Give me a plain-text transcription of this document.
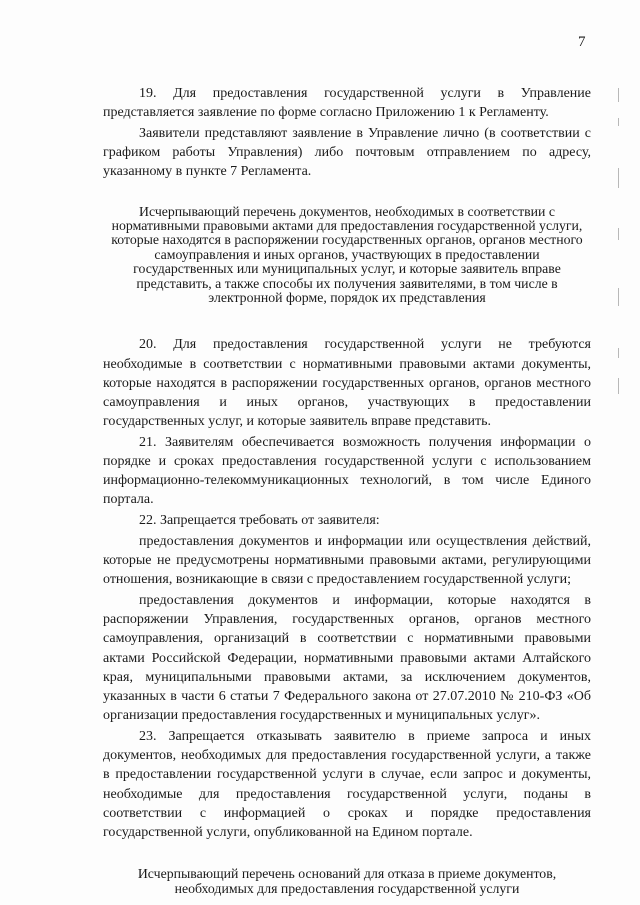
7

19. Для предоставления государственной услуги в Управление представляется заявление по форме согласно Приложению 1 к Регламенту.

Заявители представляют заявление в Управление лично (в соответствии с графиком работы Управления) либо почтовым отправлением по адресу, указанному в пункте 7 Регламента.

Исчерпывающий перечень документов, необходимых в соответствии с нормативными правовыми актами для предоставления государственной услуги, которые находятся в распоряжении государственных органов, органов местного самоуправления и иных органов, участвующих в предоставлении государственных или муниципальных услуг, и которые заявитель вправе представить, а также способы их получения заявителями, в том числе в электронной форме, порядок их представления

20. Для предоставления государственной услуги не требуются необходимые в соответствии с нормативными правовыми актами документы, которые находятся в распоряжении государственных органов, органов местного самоуправления и иных органов, участвующих в предоставлении государственных услуг, и которые заявитель вправе представить.

21. Заявителям обеспечивается возможность получения информации о порядке и сроках предоставления государственной услуги с использованием информационно-телекоммуникационных технологий, в том числе Единого портала.

22. Запрещается требовать от заявителя:

предоставления документов и информации или осуществления действий, которые не предусмотрены нормативными правовыми актами, регулирующими отношения, возникающие в связи с предоставлением государственной услуги;

предоставления документов и информации, которые находятся в распоряжении Управления, государственных органов, органов местного самоуправления, организаций в соответствии с нормативными правовыми актами Российской Федерации, нормативными правовыми актами Алтайского края, муниципальными правовыми актами, за исключением документов, указанных в части 6 статьи 7 Федерального закона от 27.07.2010 № 210-ФЗ «Об организации предоставления государственных и муниципальных услуг».

23. Запрещается отказывать заявителю в приеме запроса и иных документов, необходимых для предоставления государственной услуги, а также в предоставлении государственной услуги в случае, если запрос и документы, необходимые для предоставления государственной услуги, поданы в соответствии с информацией о сроках и порядке предоставления государственной услуги, опубликованной на Едином портале.

Исчерпывающий перечень оснований для отказа в приеме документов, необходимых для предоставления государственной услуги
